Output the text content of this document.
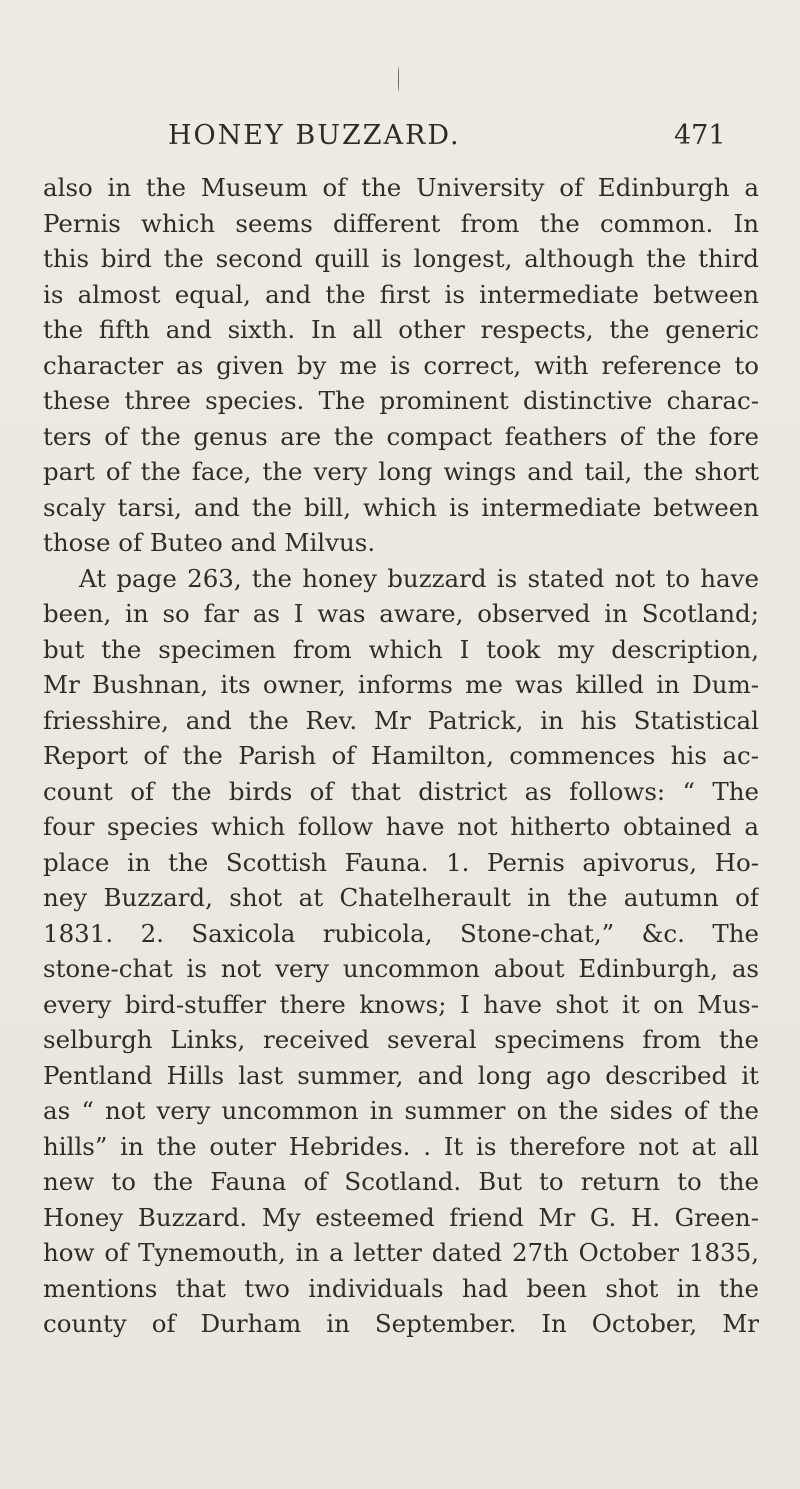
HONEY BUZZARD.	471
also in the Museum of the University of Edinburgh a
Pernis which seems different from the common. In
this bird the second quill is longest, although the third
is almost equal, and the first is intermediate between
the fifth and sixth. In all other respects, the generic
character as given by me is correct, with reference to
these three species. The prominent distinctive charac-
ters of the genus are the compact feathers of the fore
part of the face, the very long wings and tail, the short
scaly tarsi, and the bill, which is intermediate between
those of Buteo and Milvus.
At page 263, the honey buzzard is stated not to have
been, in so far as I was aware, observed in Scotland;
but the specimen from which I took my description,
Mr Bushnan, its owner, informs me was killed in Dum-
friesshire, and the Rev. Mr Patrick, in his Statistical
Report of the Parish of Hamilton, commences his ac-
count of the birds of that district as follows: “ The
four species which follow have not hitherto obtained a
place in the Scottish Fauna. 1. Pernis apivorus, Ho-
ney Buzzard, shot at Chatelherault in the autumn of
1831. 2. Saxicola rubicola, Stone-chat,” &c. The
stone-chat is not very uncommon about Edinburgh, as
every bird-stuffer there knows; I have shot it on Mus-
selburgh Links, received several specimens from the
Pentland Hills last summer, and long ago described it
as “ not very uncommon in summer on the sides of the
hills” in the outer Hebrides. . It is therefore not at all
new to the Fauna of Scotland. But to return to the
Honey Buzzard. My esteemed friend Mr G. H. Green-
how of Tynemouth, in a letter dated 27th October 1835,
mentions that two individuals had been shot in the
county of Durham in September. In October, Mr
